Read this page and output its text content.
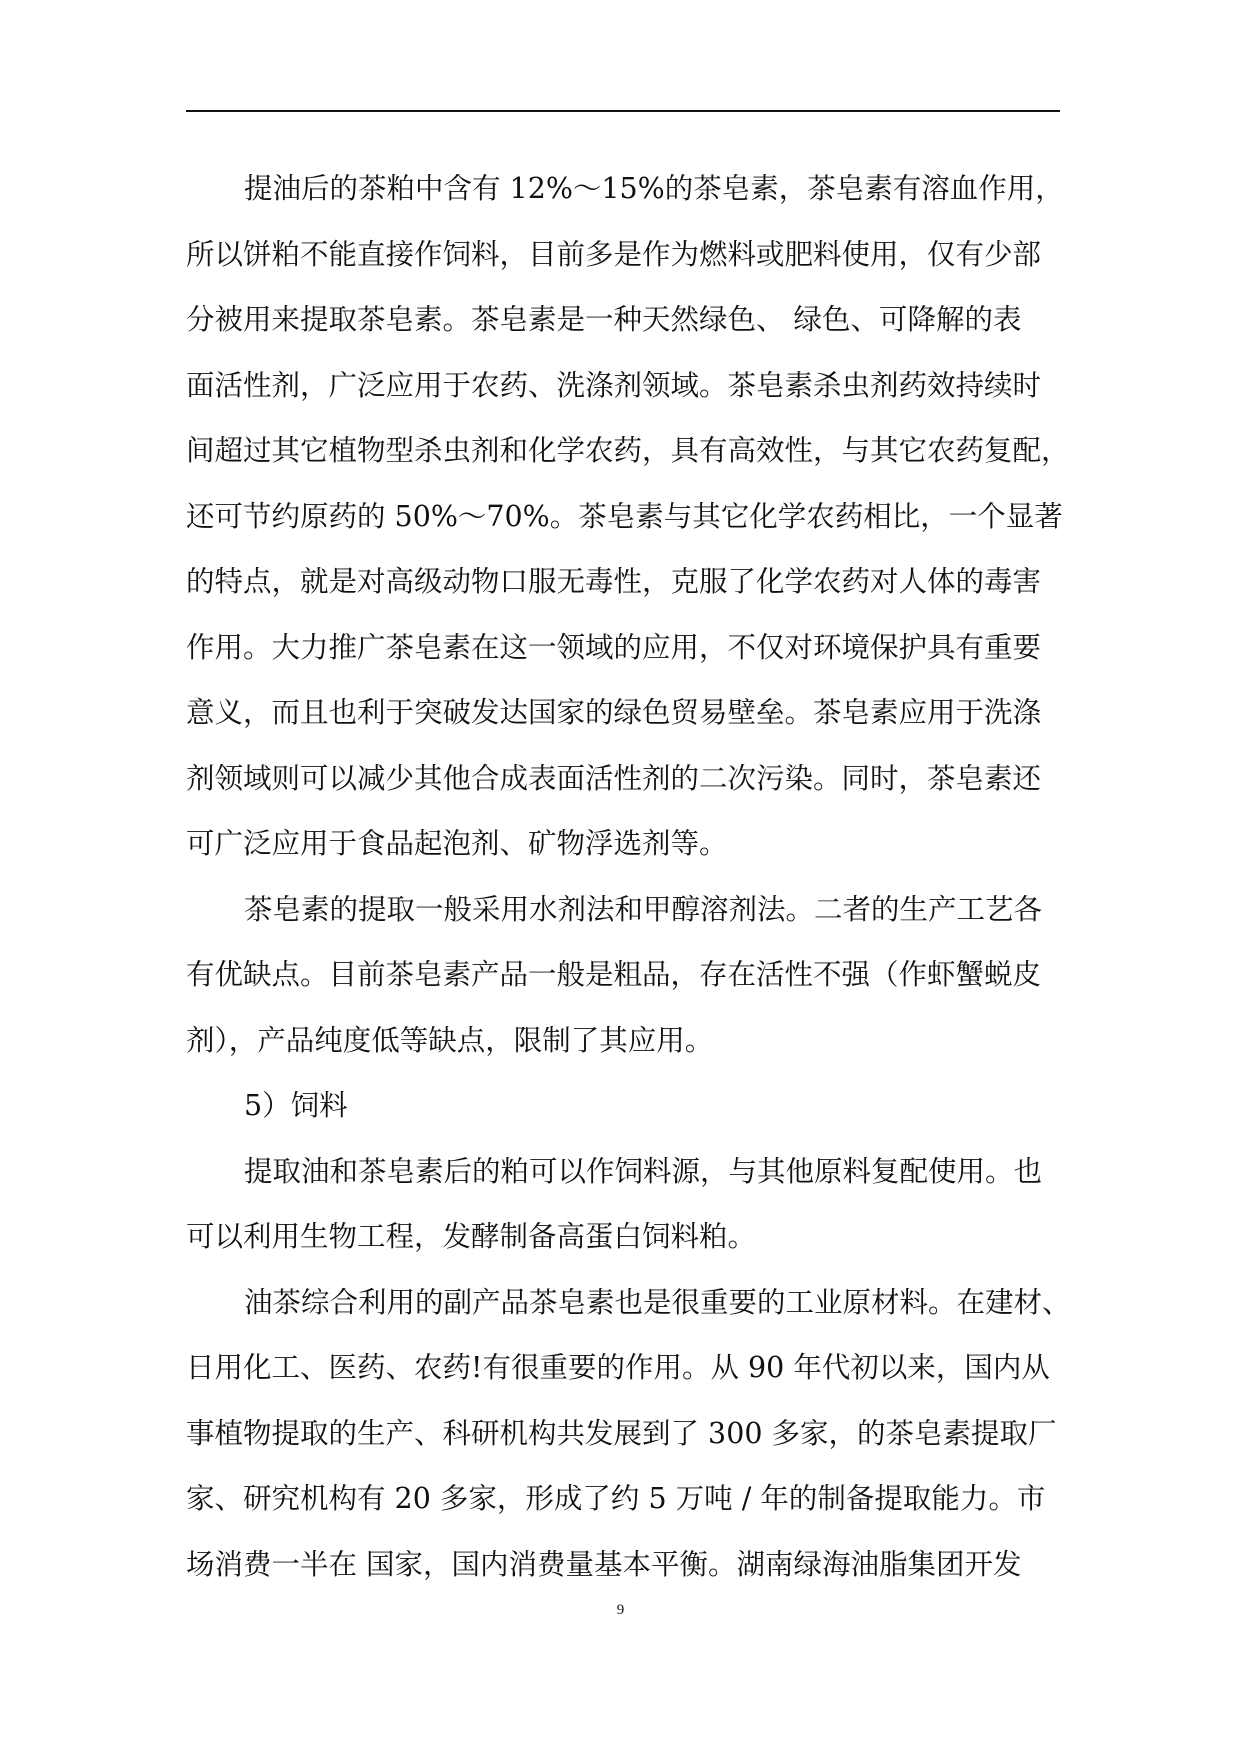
提油后的茶粕中含有 12%～15%的茶皂素，茶皂素有溶血作用，
所以饼粕不能直接作饲料，目前多是作为燃料或肥料使用，仅有少部
分被用来提取茶皂素。茶皂素是一种天然绿色、 绿色、可降解的表
面活性剂，广泛应用于农药、洗涤剂领域。茶皂素杀虫剂药效持续时
间超过其它植物型杀虫剂和化学农药，具有高效性，与其它农药复配，
还可节约原药的 50%～70%。茶皂素与其它化学农药相比，一个显著
的特点，就是对高级动物口服无毒性，克服了化学农药对人体的毒害
作用。大力推广茶皂素在这一领域的应用，不仅对环境保护具有重要
意义，而且也利于突破发达国家的绿色贸易壁垒。茶皂素应用于洗涤
剂领域则可以减少其他合成表面活性剂的二次污染。同时，茶皂素还
可广泛应用于食品起泡剂、矿物浮选剂等。
茶皂素的提取一般采用水剂法和甲醇溶剂法。二者的生产工艺各
有优缺点。目前茶皂素产品一般是粗品，存在活性不强（作虾蟹蜕皮
剂），产品纯度低等缺点，限制了其应用。
5）饲料
提取油和茶皂素后的粕可以作饲料源，与其他原料复配使用。也
可以利用生物工程，发酵制备高蛋白饲料粕。
油茶综合利用的副产品茶皂素也是很重要的工业原材料。在建材、
日用化工、医药、农药!有很重要的作用。从 90 年代初以来，国内从
事植物提取的生产、科研机构共发展到了 300 多家，的茶皂素提取厂
家、研究机构有 20 多家，形成了约 5 万吨 / 年的制备提取能力。市
场消费一半在 国家，国内消费量基本平衡。湖南绿海油脂集团开发
9
